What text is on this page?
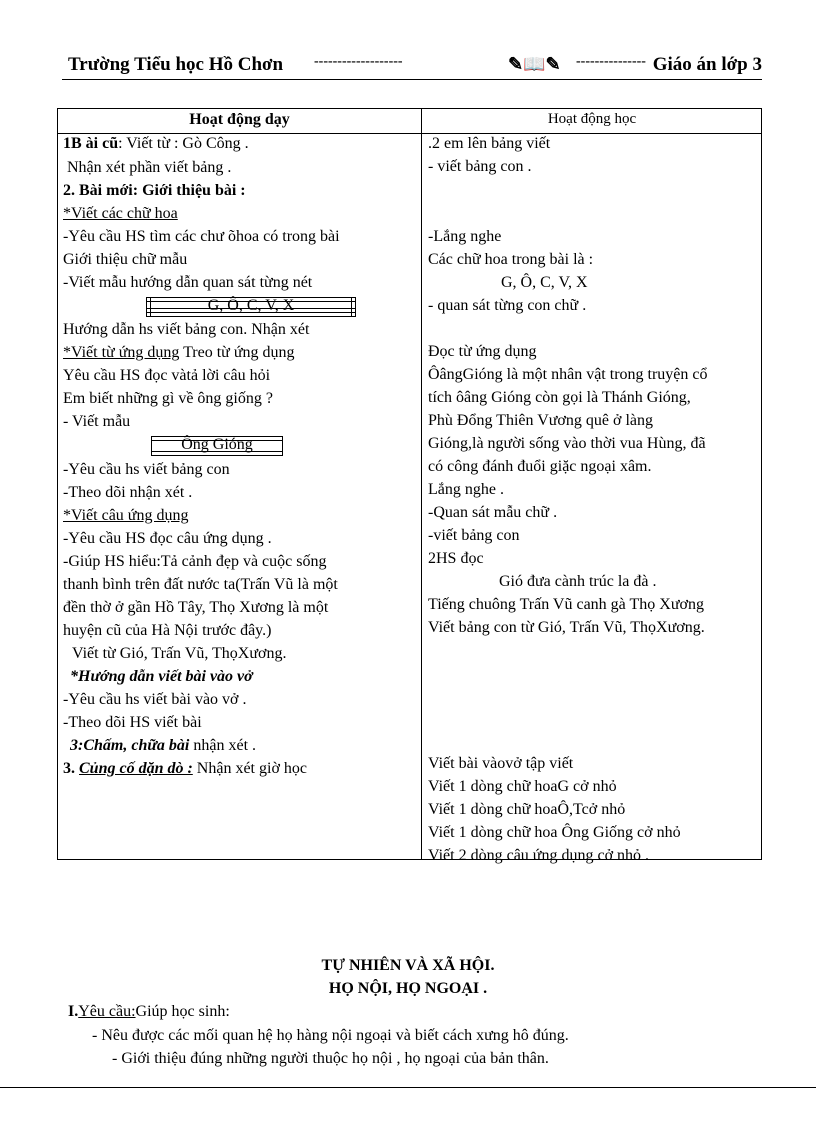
Trường Tiểu học Hồ Chơn -------------------	✎📖✎ --------------- Giáo án lớp 3
Hoạt động dạy	Hoạt động học
1B ài cũ: Viết từ : Gò Công .
Nhận xét phần viết bảng .
2. Bài mới: Giới thiệu bài :
*Viết các chữ hoa
-Yêu cầu HS tìm các chư õhoa có trong bài
Giới thiệu chữ mẫu
-Viết mẫu hướng dẫn quan sát từng nét
G, Ô, C, V, X
Hướng dẫn hs viết bảng con. Nhận xét
*Viết từ ứng dụng Treo từ ứng dụng
Yêu cầu HS đọc vàtả lời câu hỏi
Em biết những gì về ông giống ?
- Viết mẫu
Ông Gióng
-Yêu cầu hs viết bảng con
-Theo dõi nhận xét .
*Viết câu ứng dụng
-Yêu cầu HS đọc câu ứng dụng .
-Giúp HS hiểu:Tả cảnh đẹp và cuộc sống
thanh bình trên đất nước ta(Trấn Vũ là một
đền thờ ở gần Hồ Tây, Thọ Xương là một
huyện cũ của Hà Nội trước đây.)
Viết từ Gió, Trấn Vũ, ThọXương.
*Hướng dẫn viết bài vào vở
-Yêu cầu hs viết bài vào vở .
-Theo dõi HS viết bài
3:Chấm, chữa bài nhận xét .
3. Củng cố dặn dò : Nhận xét giờ học
.2 em lên bảng viết
- viết bảng con .
-Lắng nghe
Các chữ hoa trong bài là :
G, Ô, C, V, X
- quan sát từng con chữ .
Đọc từ ứng dụng
ÔângGióng là một nhân vật trong truyện cổ
tích ôâng Gióng còn gọi là Thánh Gióng,
Phù Đổng Thiên Vương quê ở làng
Gióng,là người sống vào thời vua Hùng, đã
có công đánh đuổi giặc ngoại xâm.
Lắng nghe .
-Quan sát mẫu chữ .
-viết bảng con
2HS đọc
Gió đưa cành trúc la đà .
Tiếng chuông Trấn Vũ canh gà Thọ Xương
Viết bảng con từ Gió, Trấn Vũ, ThọXương.
Viết bài vàovở tập viết
Viết 1 dòng chữ hoaG cở nhỏ
Viết 1 dòng chữ hoaÔ,Tcở nhỏ
Viết 1 dòng chữ hoa Ông Giống cở nhỏ
Viết 2 dòng câu ứng dụng cở nhỏ .
TỰ NHIÊN VÀ XÃ HỘI.
HỌ NỘI, HỌ NGOẠI .
I.Yêu cầu:Giúp học sinh:
- Nêu được các mối quan hệ họ hàng nội ngoại và biết cách xưng hô đúng.
- Giới thiệu đúng những người thuộc họ nội , họ ngoại của bản thân.
